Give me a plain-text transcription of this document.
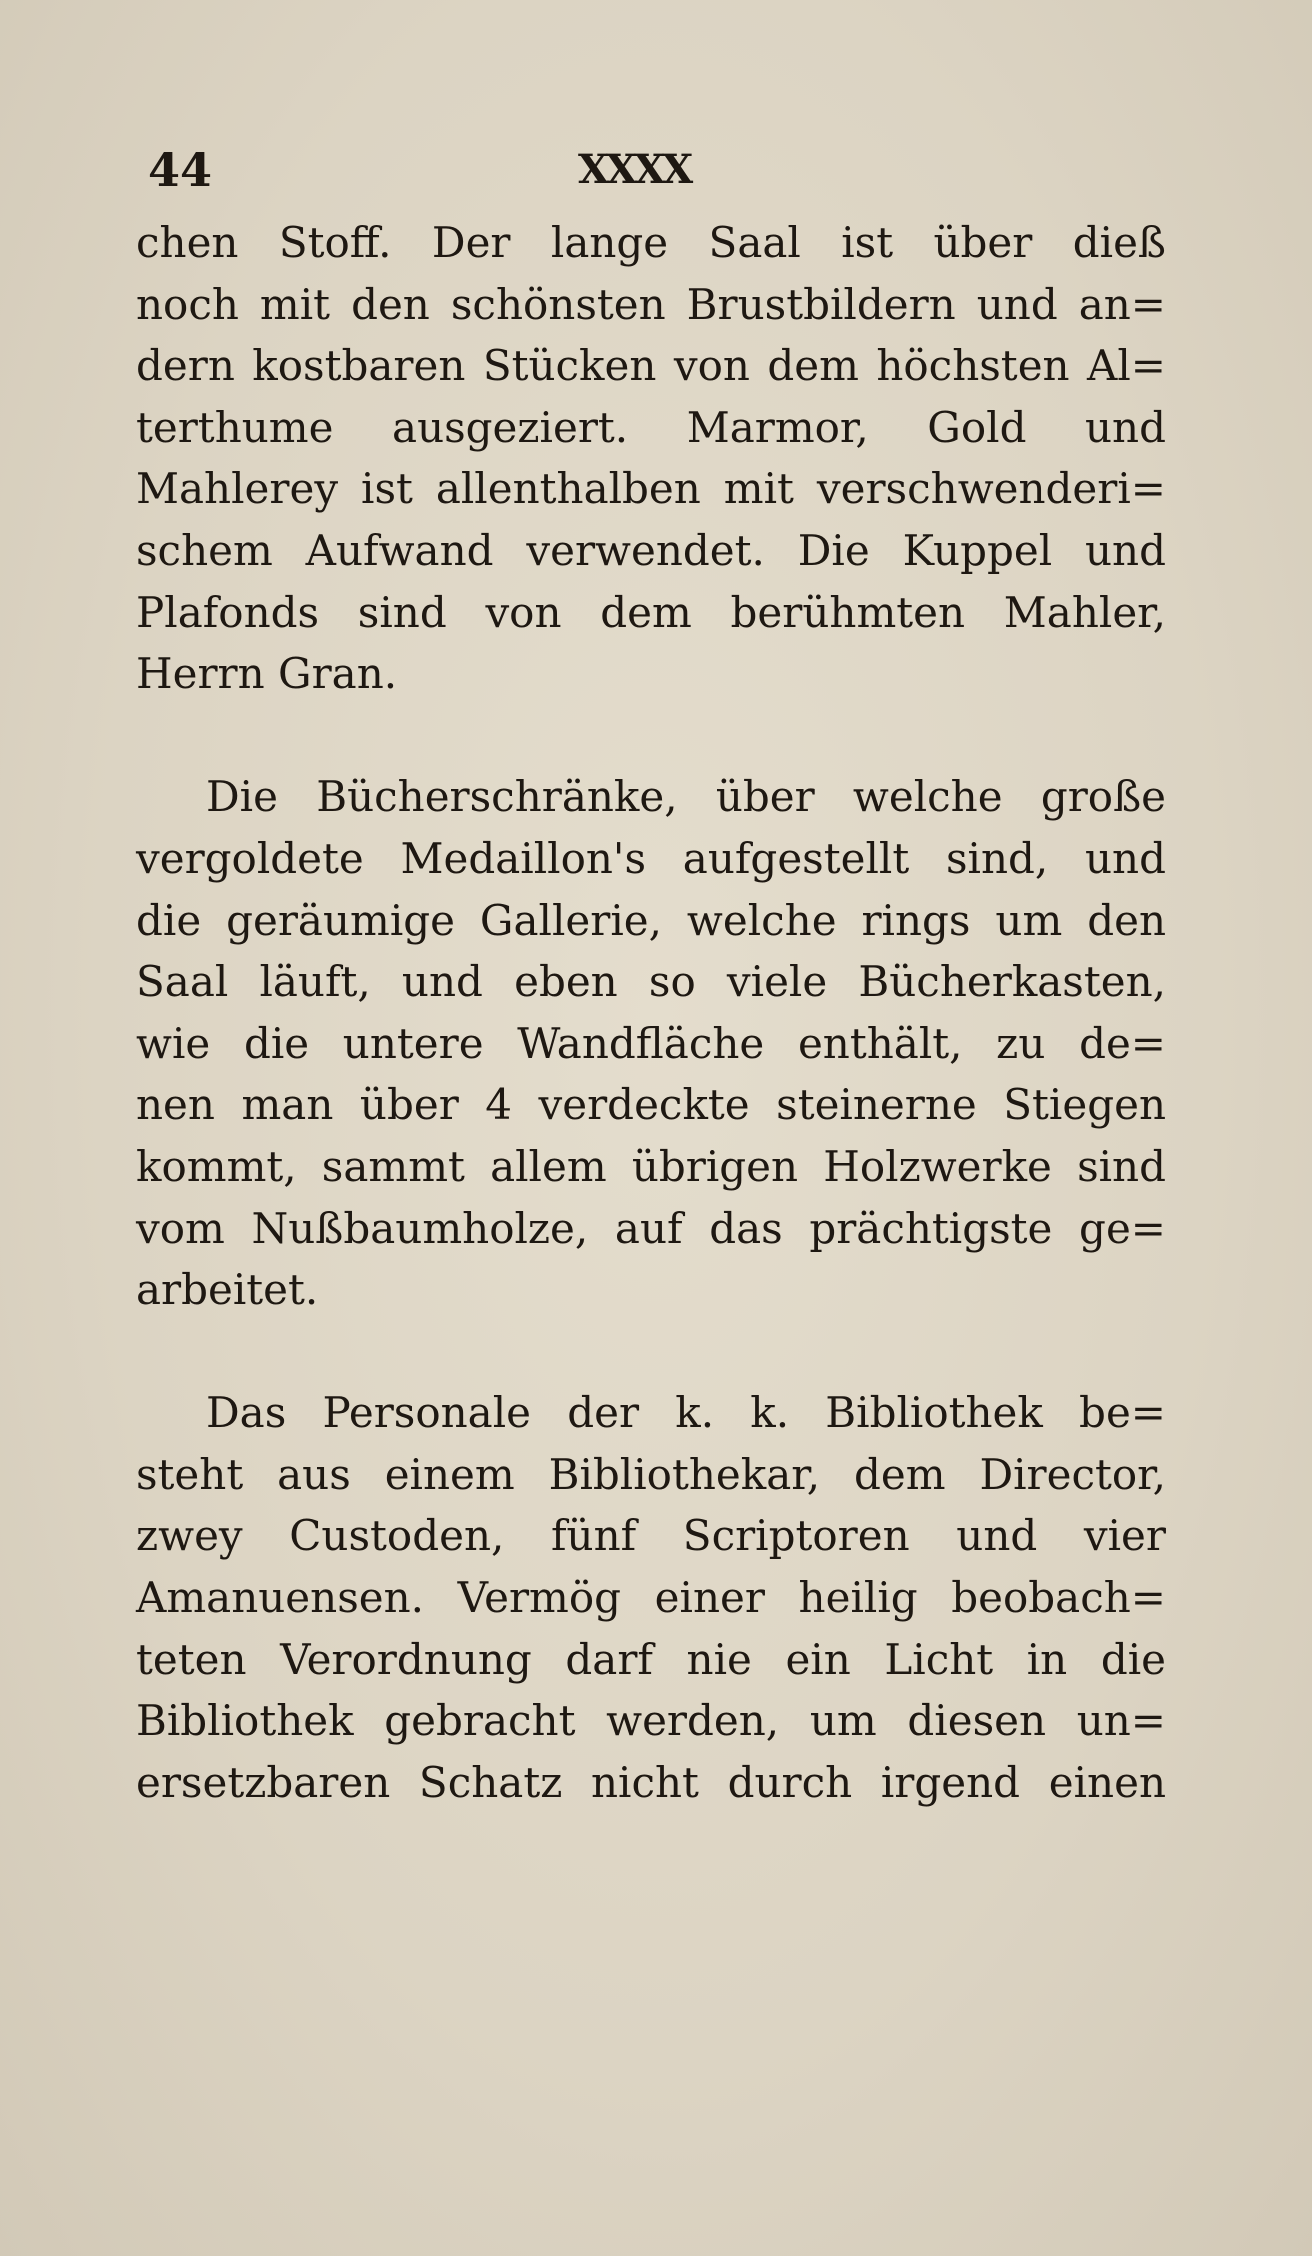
44	XXXX
chen Stoff. Der lange Saal ist über dieß
noch mit den schönsten Brustbildern und an=
dern kostbaren Stücken von dem höchsten Al=
terthume ausgeziert. Marmor, Gold und
Mahlerey ist allenthalben mit verschwenderi=
schem Aufwand verwendet. Die Kuppel und
Plafonds sind von dem berühmten Mahler,
Herrn Gran.
Die Bücherschränke, über welche große
vergoldete Medaillon's aufgestellt sind, und
die geräumige Gallerie, welche rings um den
Saal läuft, und eben so viele Bücherkasten,
wie die untere Wandfläche enthält, zu de=
nen man über 4 verdeckte steinerne Stiegen
kommt, sammt allem übrigen Holzwerke sind
vom Nußbaumholze, auf das prächtigste ge=
arbeitet.
Das Personale der k. k. Bibliothek be=
steht aus einem Bibliothekar, dem Director,
zwey Custoden, fünf Scriptoren und vier
Amanuensen. Vermög einer heilig beobach=
teten Verordnung darf nie ein Licht in die
Bibliothek gebracht werden, um diesen un=
ersetzbaren Schatz nicht durch irgend einen
